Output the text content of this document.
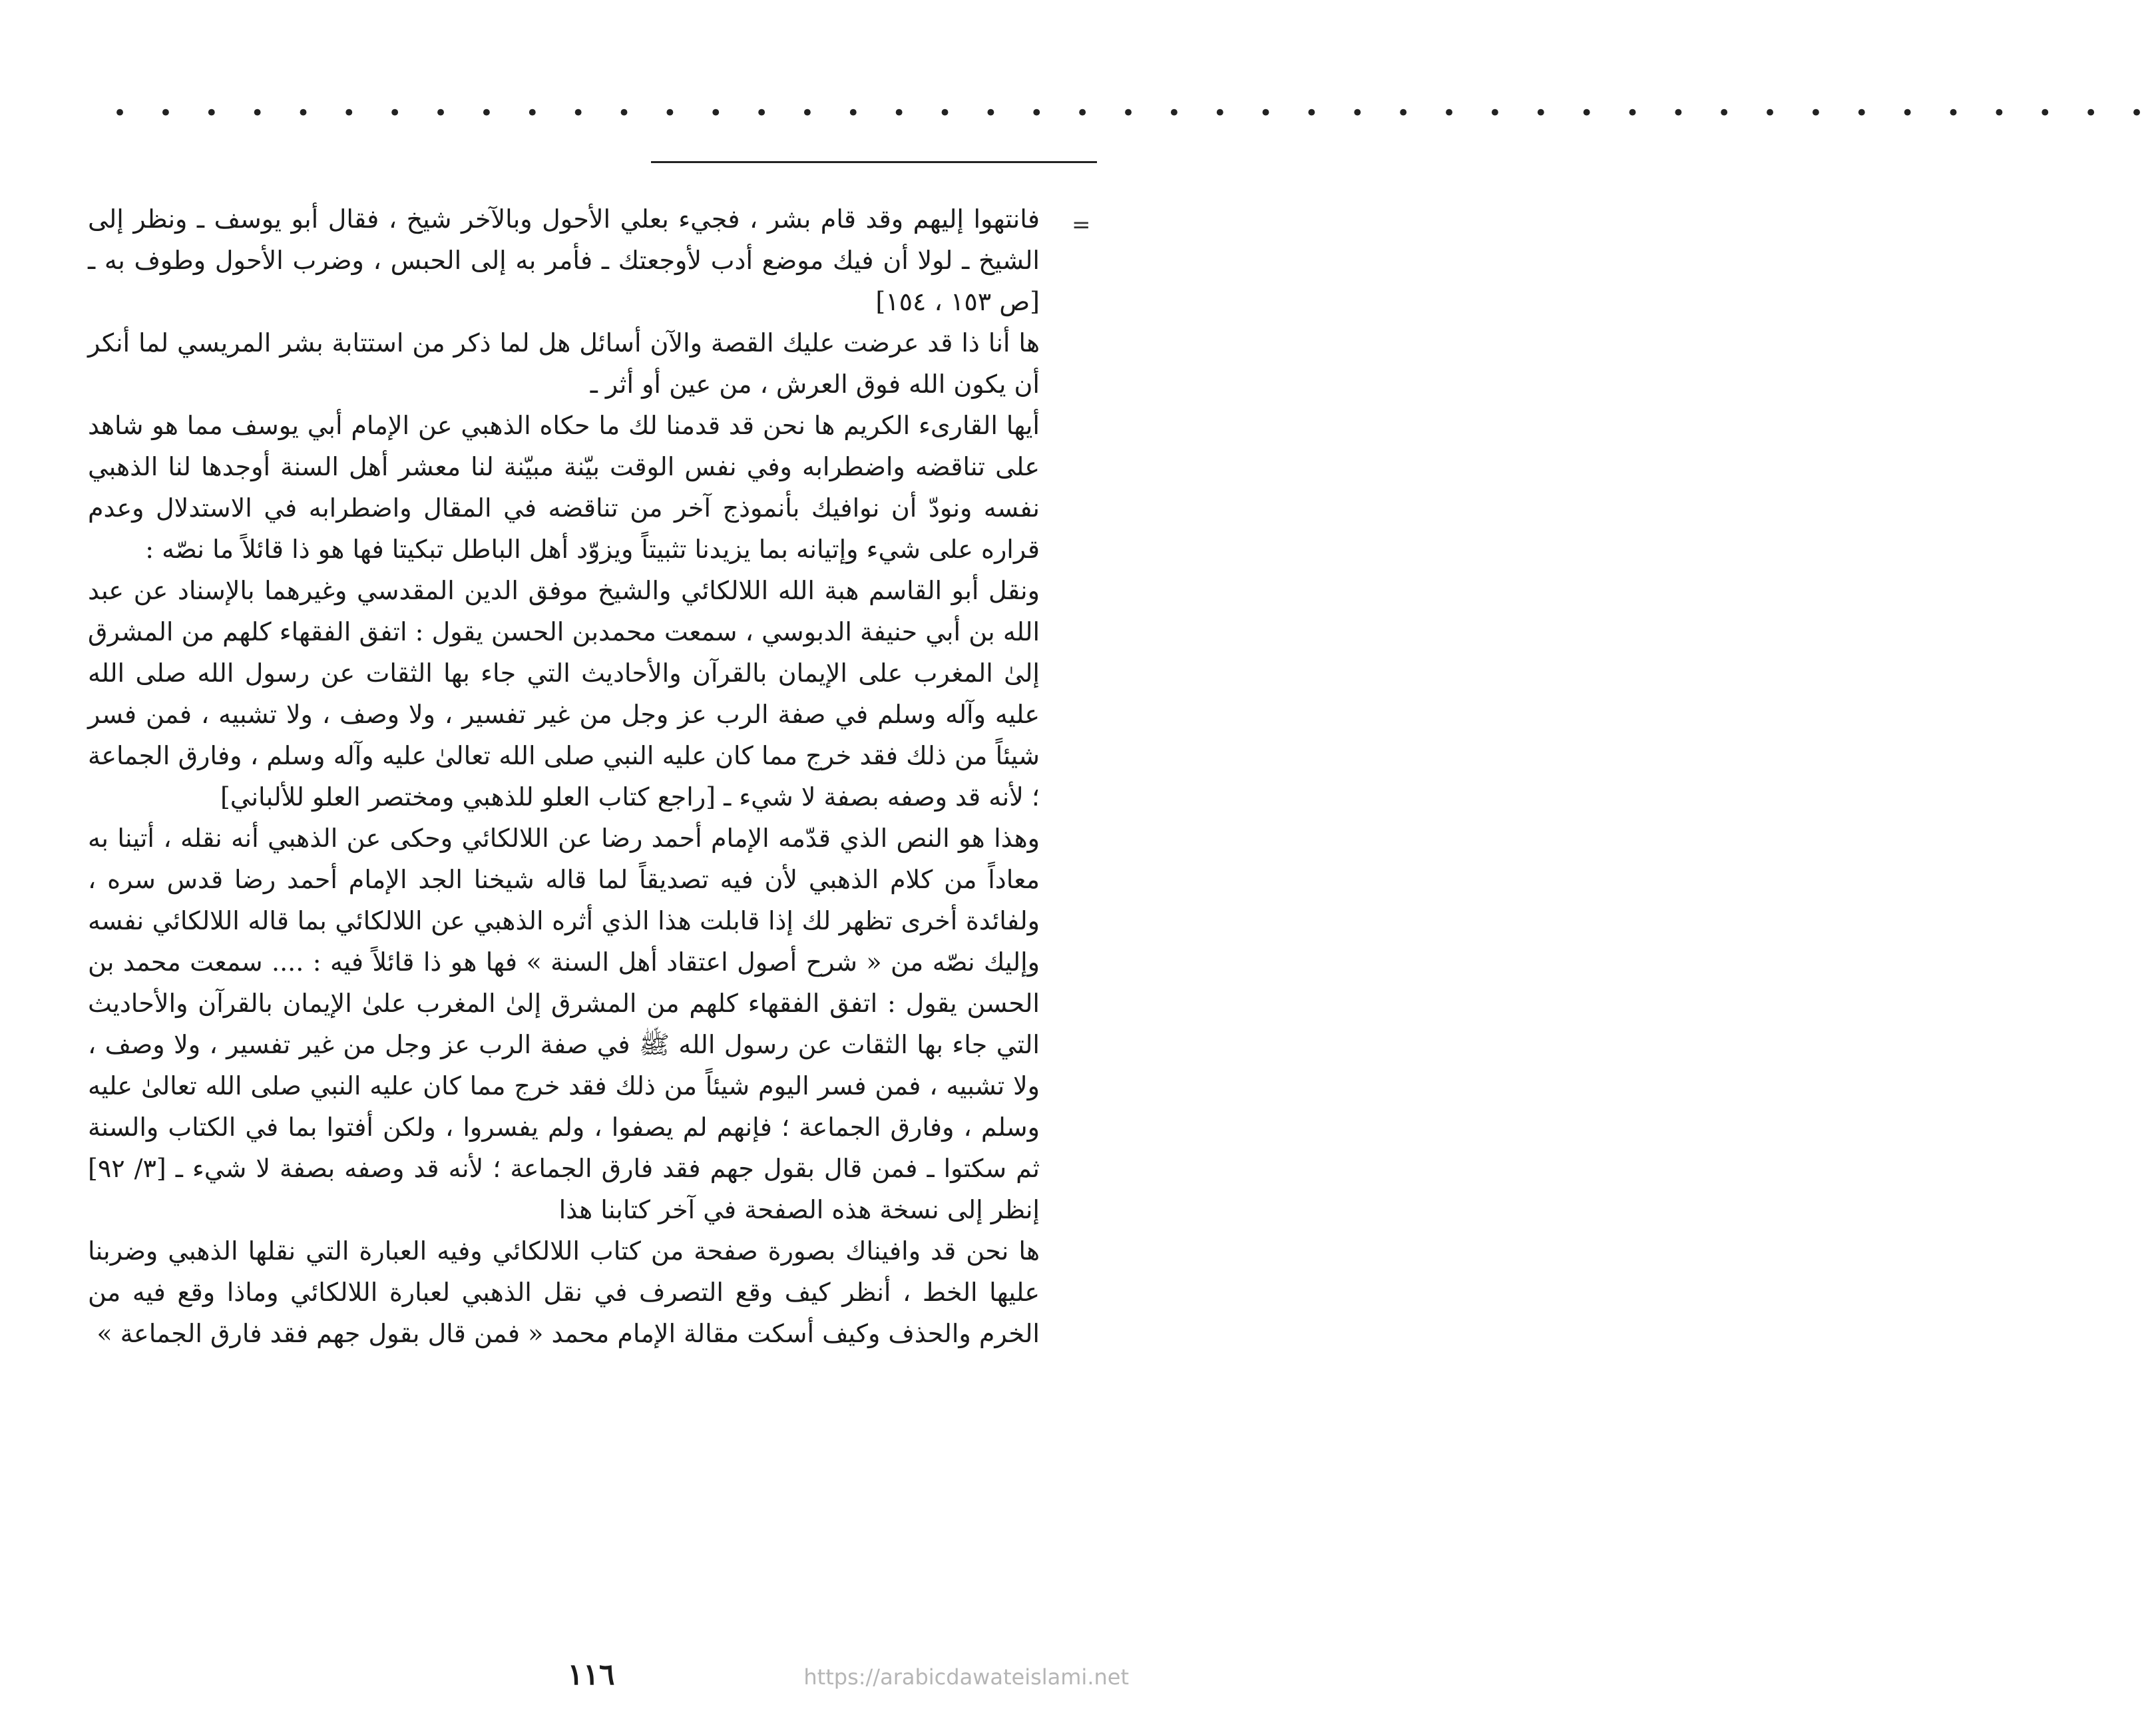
• • • • • • • • • • • • • • • • • • • • • • • • • • • • • • • • • • • • • • • • • • • • •
=

فانتهوا إليهم وقد قام بشر ، فجيء بعلي الأحول وبالآخر شيخ ، فقال أبو يوسف ـ ونظر إلى الشيخ ـ لولا أن فيك موضع أدب لأوجعتك ـ فأمر به إلى الحبس ، وضرب الأحول وطوف به ـ [ص ١٥٣ ، ١٥٤]

ها أنا ذا قد عرضت عليك القصة والآن أسائل هل لما ذكر من استتابة بشر المريسي لما أنكر أن يكون الله فوق العرش ، من عين أو أثر ـ

أيها القارىء الكريم ها نحن قد قدمنا لك ما حكاه الذهبي عن الإمام أبي يوسف مما هو شاهد على تناقضه واضطرابه وفي نفس الوقت بيّنة مبيّنة لنا معشر أهل السنة أوجدها لنا الذهبي نفسه ونودّ أن نوافيك بأنموذج آخر من تناقضه في المقال واضطرابه في الاستدلال وعدم قراره على شيء وإتيانه بما يزيدنا تثبيتاً ويزوّد أهل الباطل تبكيتا فها هو ذا قائلاً ما نصّه :

ونقل أبو القاسم هبة الله اللالكائي والشيخ موفق الدين المقدسي وغيرهما بالإسناد عن عبد الله بن أبي حنيفة الدبوسي ، سمعت محمدبن الحسن يقول : اتفق الفقهاء كلهم من المشرق إلىٰ المغرب على الإيمان بالقرآن والأحاديث التي جاء بها الثقات عن رسول الله صلى الله عليه وآله وسلم في صفة الرب عز وجل من غير تفسير ، ولا وصف ، ولا تشبيه ، فمن فسر شيئاً من ذلك فقد خرج مما كان عليه النبي صلى الله تعالىٰ عليه وآله وسلم ، وفارق الجماعة ؛ لأنه قد وصفه بصفة لا شيء ـ [راجع كتاب العلو للذهبي ومختصر العلو للألباني]

وهذا هو النص الذي قدّمه الإمام أحمد رضا عن اللالكائي وحكى عن الذهبي أنه نقله ، أتينا به معاداً من كلام الذهبي لأن فيه تصديقاً لما قاله شيخنا الجد الإمام أحمد رضا قدس سره ، ولفائدة أخرى تظهر لك إذا قابلت هذا الذي أثره الذهبي عن اللالكائي بما قاله اللالكائي نفسه وإليك نصّه من « شرح أصول اعتقاد أهل السنة » فها هو ذا قائلاً فيه : .... سمعت محمد بن الحسن يقول : اتفق الفقهاء كلهم من المشرق إلىٰ المغرب علىٰ الإيمان بالقرآن والأحاديث التي جاء بها الثقات عن رسول الله ﷺ في صفة الرب عز وجل من غير تفسير ، ولا وصف ، ولا تشبيه ، فمن فسر اليوم شيئاً من ذلك فقد خرج مما كان عليه النبي صلى الله تعالىٰ عليه وسلم ، وفارق الجماعة ؛ فإنهم لم يصفوا ، ولم يفسروا ، ولكن أفتوا بما في الكتاب والسنة ثم سكتوا ـ فمن قال بقول جهم فقد فارق الجماعة ؛ لأنه قد وصفه بصفة لا شيء ـ [٣/ ٩٢] إنظر إلى نسخة هذه الصفحة في آخر كتابنا هذا

ها نحن قد وافيناك بصورة صفحة من كتاب اللالكائي وفيه العبارة التي نقلها الذهبي وضربنا عليها الخط ، أنظر كيف وقع التصرف في نقل الذهبي لعبارة اللالكائي وماذا وقع فيه من الخرم والحذف وكيف أسكت مقالة الإمام محمد « فمن قال بقول جهم فقد فارق الجماعة »

١١٦	https://arabicdawateislami.net
